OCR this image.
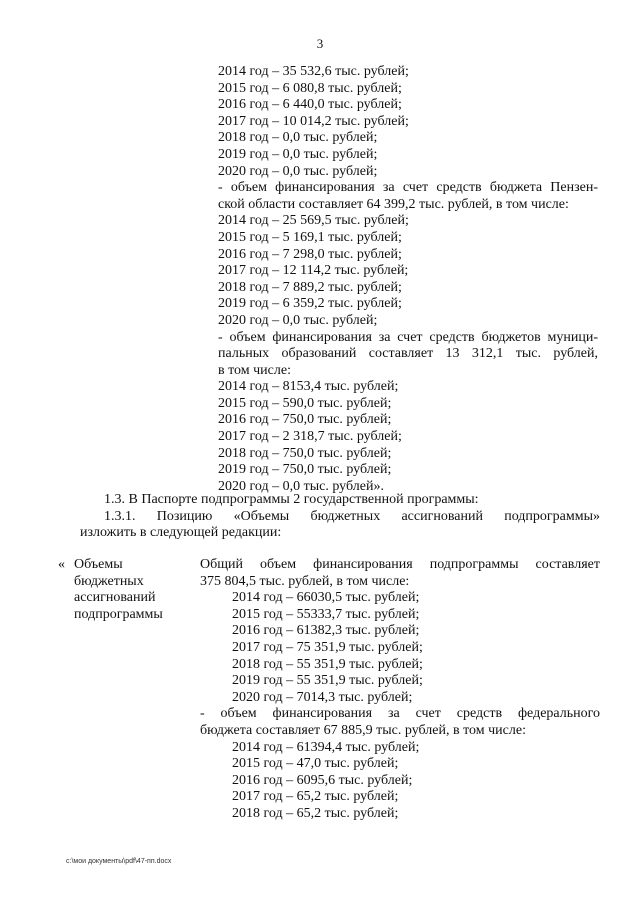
3
2014 год – 35 532,6 тыс. рублей;
2015 год – 6 080,8 тыс. рублей;
2016 год – 6 440,0 тыс. рублей;
2017 год – 10 014,2 тыс. рублей;
2018 год – 0,0 тыс. рублей;
2019 год – 0,0 тыс. рублей;
2020 год – 0,0 тыс. рублей;
- объем финансирования за счет средств бюджета Пензен-
ской области составляет 64 399,2 тыс. рублей, в том числе:
2014 год – 25 569,5 тыс. рублей;
2015 год – 5 169,1 тыс. рублей;
2016 год – 7 298,0 тыс. рублей;
2017 год – 12 114,2 тыс. рублей;
2018 год – 7 889,2 тыс. рублей;
2019 год – 6 359,2 тыс. рублей;
2020 год – 0,0 тыс. рублей;
- объем финансирования за счет средств бюджетов муници-
пальных образований составляет 13 312,1 тыс. рублей,
в том числе:
2014 год – 8153,4 тыс. рублей;
2015 год – 590,0 тыс. рублей;
2016 год – 750,0 тыс. рублей;
2017 год – 2 318,7 тыс. рублей;
2018 год – 750,0 тыс. рублей;
2019 год – 750,0 тыс. рублей;
2020 год – 0,0 тыс. рублей».
1.3. В Паспорте подпрограммы 2 государственной программы:
1.3.1. Позицию «Объемы бюджетных ассигнований подпрограммы»
изложить в следующей редакции:
« Объемы
бюджетных
ассигнований
подпрограммы
Общий объем финансирования подпрограммы составляет
375 804,5 тыс. рублей, в том числе:
2014 год – 66030,5 тыс. рублей;
2015 год – 55333,7 тыс. рублей;
2016 год – 61382,3 тыс. рублей;
2017 год – 75 351,9 тыс. рублей;
2018 год – 55 351,9 тыс. рублей;
2019 год – 55 351,9 тыс. рублей;
2020 год – 7014,3 тыс. рублей;
- объем финансирования за счет средств федерального
бюджета составляет 67 885,9 тыс. рублей, в том числе:
2014 год – 61394,4 тыс. рублей;
2015 год – 47,0 тыс. рублей;
2016 год – 6095,6 тыс. рублей;
2017 год – 65,2 тыс. рублей;
2018 год – 65,2 тыс. рублей;
c:\мои документы\pdf\47-пп.docx
